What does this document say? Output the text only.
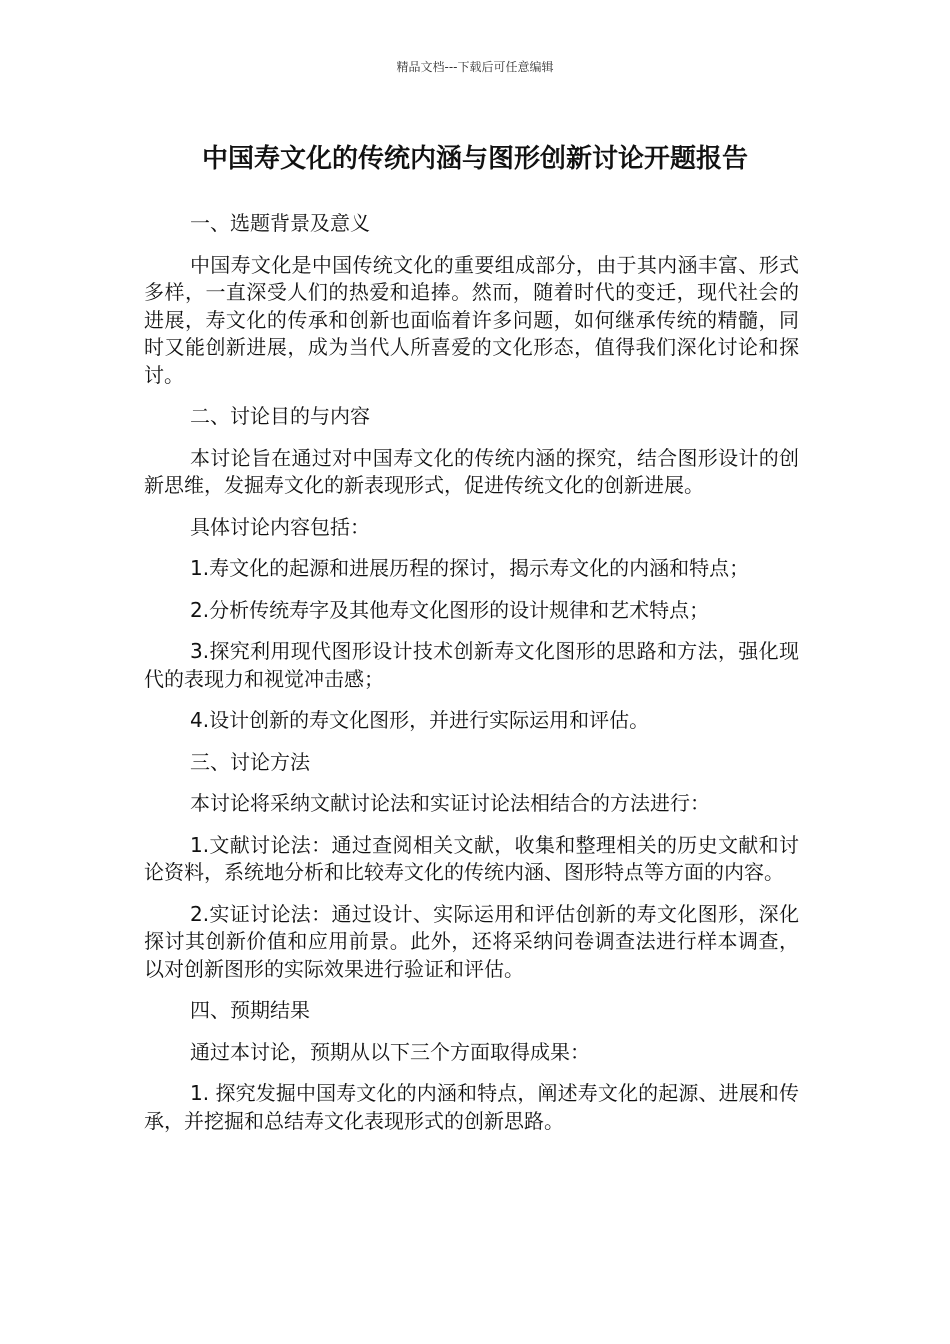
精品文档---下载后可任意编辑
中国寿文化的传统内涵与图形创新讨论开题报告
一、选题背景及意义
中国寿文化是中国传统文化的重要组成部分，由于其内涵丰富、形式多样，一直深受人们的热爱和追捧。然而，随着时代的变迁，现代社会的进展，寿文化的传承和创新也面临着许多问题，如何继承传统的精髓，同时又能创新进展，成为当代人所喜爱的文化形态，值得我们深化讨论和探讨。
二、讨论目的与内容
本讨论旨在通过对中国寿文化的传统内涵的探究，结合图形设计的创新思维，发掘寿文化的新表现形式，促进传统文化的创新进展。
具体讨论内容包括：
1.寿文化的起源和进展历程的探讨，揭示寿文化的内涵和特点；
2.分析传统寿字及其他寿文化图形的设计规律和艺术特点；
3.探究利用现代图形设计技术创新寿文化图形的思路和方法，强化现代的表现力和视觉冲击感；
4.设计创新的寿文化图形，并进行实际运用和评估。
三、讨论方法
本讨论将采纳文献讨论法和实证讨论法相结合的方法进行：
1.文献讨论法：通过查阅相关文献，收集和整理相关的历史文献和讨论资料，系统地分析和比较寿文化的传统内涵、图形特点等方面的内容。
2.实证讨论法：通过设计、实际运用和评估创新的寿文化图形，深化探讨其创新价值和应用前景。此外，还将采纳问卷调查法进行样本调查，以对创新图形的实际效果进行验证和评估。
四、预期结果
通过本讨论，预期从以下三个方面取得成果：
1. 探究发掘中国寿文化的内涵和特点，阐述寿文化的起源、进展和传承，并挖掘和总结寿文化表现形式的创新思路。
